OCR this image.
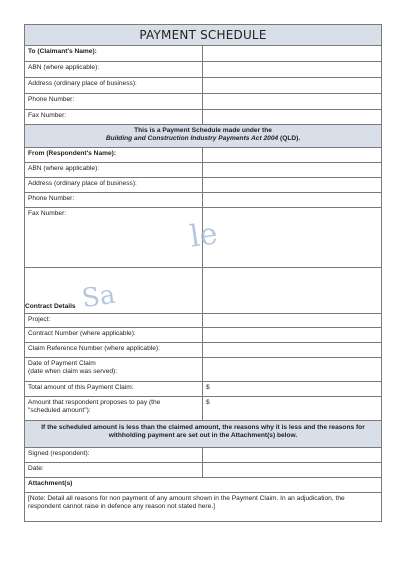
PAYMENT SCHEDULE
To (Claimant's Name):
ABN (where applicable):
Address (ordinary place of business):
Phone Number:
Fax Number:
This is a Payment Schedule made under the
Building and Construction Industry Payments Act 2004 (QLD).
From (Respondent's Name):
ABN (where applicable):
Address (ordinary place of business):
Phone Number:
Fax Number:
Contract Details
Project:
Contract Number (where applicable):
Claim Reference Number (where applicable):
Date of Payment Claim
(date when claim was served):
Total amount of this Payment Claim:	$
Amount that respondent proposes to pay (the
"scheduled amount"):
$
If the scheduled amount is less than the claimed amount, the reasons why it is less and the reasons for withholding payment are set out in the Attachment(s) below.
Signed (respondent):
Date:
Attachment(s)
[Note: Detail all reasons for non payment of any amount shown in the Payment Claim. In an adjudication, the respondent cannot raise in defence any reason not stated here.]
le
Sa
